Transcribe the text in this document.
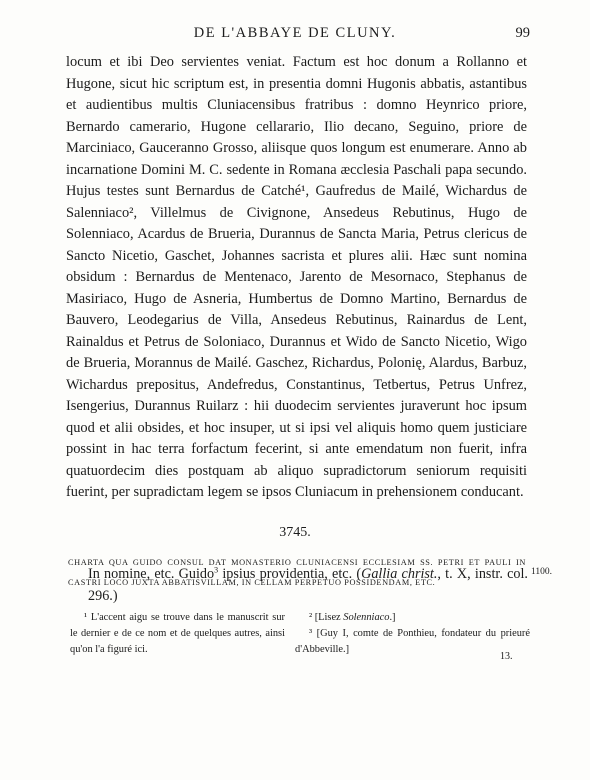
DE L'ABBAYE DE CLUNY.	99

locum et ibi Deo servientes veniat. Factum est hoc donum a Rollanno et Hugone, sicut hic scriptum est, in presentia domni Hugonis abbatis, astantibus et audientibus multis Cluniacensibus fratribus : domno Heynrico priore, Bernardo camerario, Hugone cellarario, Ilio decano, Seguino, priore de Marciniaco, Gauceranno Grosso, aliisque quos longum est enumerare. Anno ab incarnatione Domini M. C. sedente in Romana æcclesia Paschali papa secundo. Hujus testes sunt Bernardus de Catché¹, Gaufredus de Mailé, Wichardus de Salenniaco², Villelmus de Civignone, Ansedeus Rebutinus, Hugo de Solenniaco, Acardus de Brueria, Durannus de Sancta Maria, Petrus clericus de Sancto Nicetio, Gaschet, Johannes sacrista et plures alii. Hæc sunt nomina obsidum : Bernardus de Mentenaco, Jarento de Mesornaco, Stephanus de Masiriaco, Hugo de Asneria, Humbertus de Domno Martino, Bernardus de Bauvero, Leodegarius de Villa, Ansedeus Rebutinus, Rainardus de Lent, Rainaldus et Petrus de Soloniaco, Durannus et Wido de Sancto Nicetio, Wigo de Brueria, Morannus de Mailé. Gaschez, Richardus, Polonię, Alardus, Barbuz, Wichardus prepositus, Andefredus, Constantinus, Tetbertus, Petrus Unfrez, Isengerius, Durannus Ruilarz : hii duodecim servientes juraverunt hoc ipsum quod et alii obsides, et hoc insuper, ut si ipsi vel aliquis homo quem justiciare possint in hac terra forfactum fecerint, si ante emendatum non fuerit, infra quatuordecim dies postquam ab aliquo supradictorum seniorum requisiti fuerint, per supradictam legem se ipsos Cluniacum in prehensionem conducant.

3745.
CHARTA QUA GUIDO CONSUL DAT MONASTERIO CLUNIACENSI ECCLESIAM SS. PETRI ET PAULI IN CASTRI LOCO JUXTA ABBATISVILLAM, IN CELLAM PERPETUO POSSIDENDAM, ETC.
In nomine, etc. Guido$^3$ ipsius providentia, etc. (Gallia christ., t. X, instr. col. 296.)
1100.

¹ L'accent aigu se trouve dans le manuscrit sur le dernier e de ce nom et de quelques autres, ainsi qu'on l'a figuré ici.

² [Lisez Solenniaco.]

³ [Guy I, comte de Ponthieu, fondateur du prieuré d'Abbeville.]

13.
